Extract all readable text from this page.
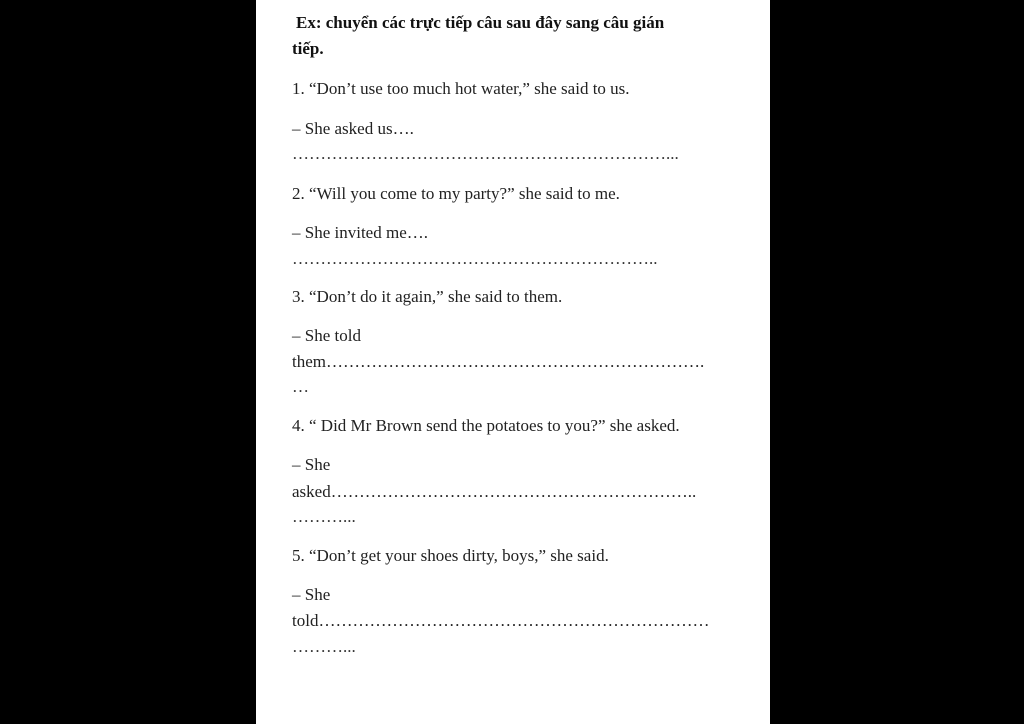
Ex: chuyển các trực tiếp câu sau đây sang câu gián
tiếp.
1. “Don’t use too much hot water,” she said to us.
– She asked us….
…………………………………………………………...
2. “Will you come to my party?” she said to me.
– She invited me….
………………………………………………………..
3. “Don’t do it again,” she said to them.
– She told
them………………………………………………………….
…
4. “ Did Mr Brown send the potatoes to you?” she asked.
– She
asked………………………………………………………..
………...
5. “Don’t get your shoes dirty, boys,” she said.
– She
told……………………………………………………………
………...
